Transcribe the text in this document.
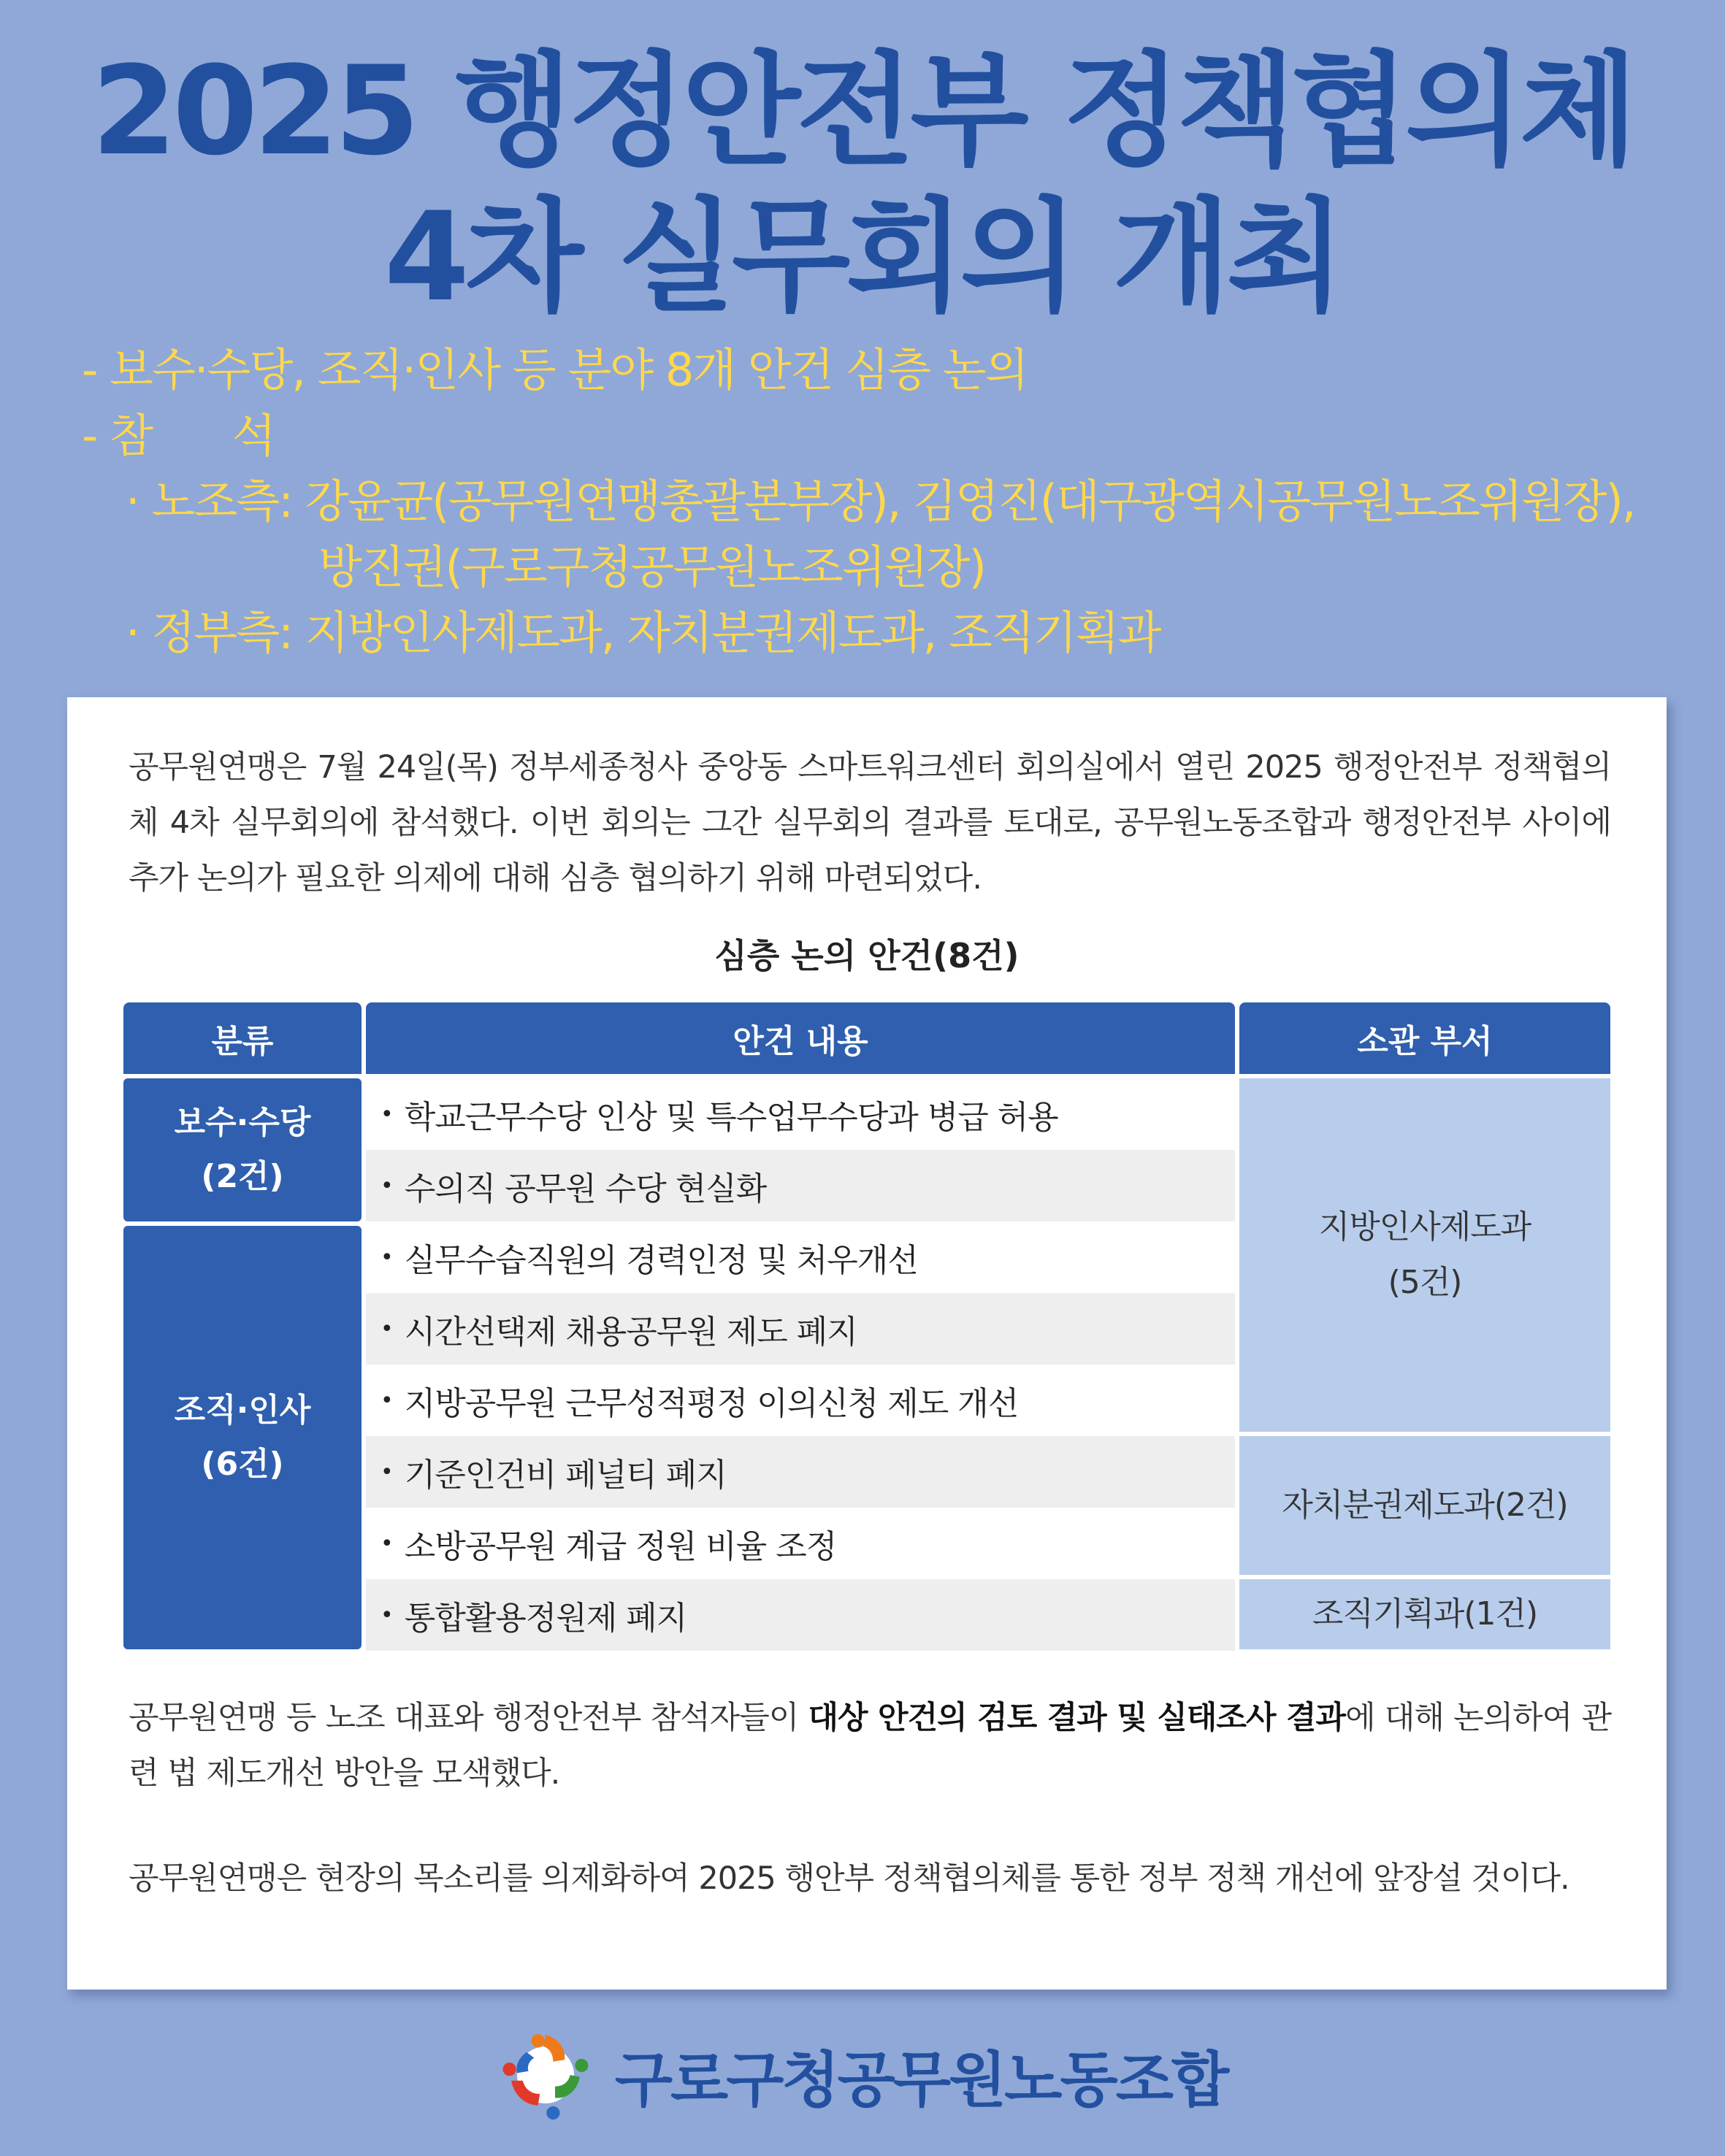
2025 행정안전부 정책협의체
4차 실무회의 개최
- 보수·수당, 조직·인사 등 분야 8개 안건 심층 논의
- 참 석
· 노조측: 강윤균(공무원연맹총괄본부장), 김영진(대구광역시공무원노조위원장),
방진권(구로구청공무원노조위원장)
· 정부측: 지방인사제도과, 자치분권제도과, 조직기획과
공무원연맹은 7월 24일(목) 정부세종청사 중앙동 스마트워크센터 회의실에서 열린 2025 행정안전부 정책협의체 4차 실무회의에 참석했다. 이번 회의는 그간 실무회의 결과를 토대로, 공무원노동조합과 행정안전부 사이에 추가 논의가 필요한 의제에 대해 심층 협의하기 위해 마련되었다.
심층 논의 안건(8건)
분류	안건 내용	소관 부서
보수·수당
(2건)
조직·인사
(6건)
• 학교근무수당 인상 및 특수업무수당과 병급 허용
• 수의직 공무원 수당 현실화
• 실무수습직원의 경력인정 및 처우개선
• 시간선택제 채용공무원 제도 폐지
• 지방공무원 근무성적평정 이의신청 제도 개선
• 기준인건비 페널티 폐지
• 소방공무원 계급 정원 비율 조정
• 통합활용정원제 폐지
지방인사제도과
(5건)
자치분권제도과(2건)
조직기획과(1건)
공무원연맹 등 노조 대표와 행정안전부 참석자들이 대상 안건의 검토 결과 및 실태조사 결과에 대해 논의하여 관련 법 제도개선 방안을 모색했다.
공무원연맹은 현장의 목소리를 의제화하여 2025 행안부 정책협의체를 통한 정부 정책 개선에 앞장설 것이다.
구로구청공무원노동조합
